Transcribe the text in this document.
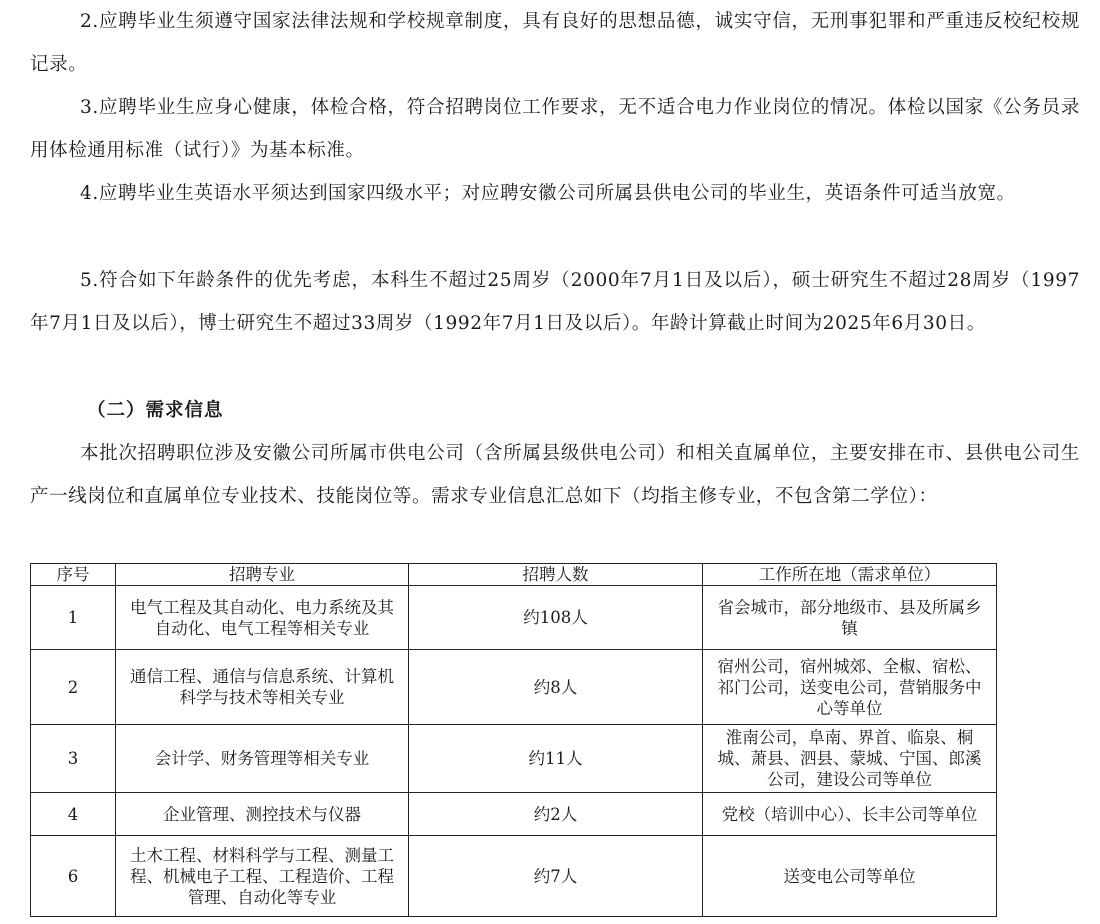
2.应聘毕业生须遵守国家法律法规和学校规章制度，具有良好的思想品德，诚实守信，无刑事犯罪和严重违反校纪校规记录。

3.应聘毕业生应身心健康，体检合格，符合招聘岗位工作要求，无不适合电力作业岗位的情况。体检以国家《公务员录用体检通用标准（试行）》为基本标准。

4.应聘毕业生英语水平须达到国家四级水平；对应聘安徽公司所属县供电公司的毕业生，英语条件可适当放宽。

5.符合如下年龄条件的优先考虑，本科生不超过25周岁（2000年7月1日及以后），硕士研究生不超过28周岁（1997年7月1日及以后），博士研究生不超过33周岁（1992年7月1日及以后）。年龄计算截止时间为2025年6月30日。

（二）需求信息

本批次招聘职位涉及安徽公司所属市供电公司（含所属县级供电公司）和相关直属单位，主要安排在市、县供电公司生产一线岗位和直属单位专业技术、技能岗位等。需求专业信息汇总如下（均指主修专业，不包含第二学位）：

序号	招聘专业	招聘人数	工作所在地（需求单位）
1	电气工程及其自动化、电力系统及其自动化、电气工程等相关专业	约108人	省会城市，部分地级市、县及所属乡镇
2	通信工程、通信与信息系统、计算机科学与技术等相关专业	约8人	宿州公司，宿州城郊、全椒、宿松、祁门公司，送变电公司，营销服务中心等单位
3	会计学、财务管理等相关专业	约11人	淮南公司，阜南、界首、临泉、桐城、萧县、泗县、蒙城、宁国、郎溪公司，建设公司等单位
4	企业管理、测控技术与仪器	约2人	党校（培训中心）、长丰公司等单位
6	土木工程、材料科学与工程、测量工程、机械电子工程、工程造价、工程管理、自动化等专业	约7人	送变电公司等单位
